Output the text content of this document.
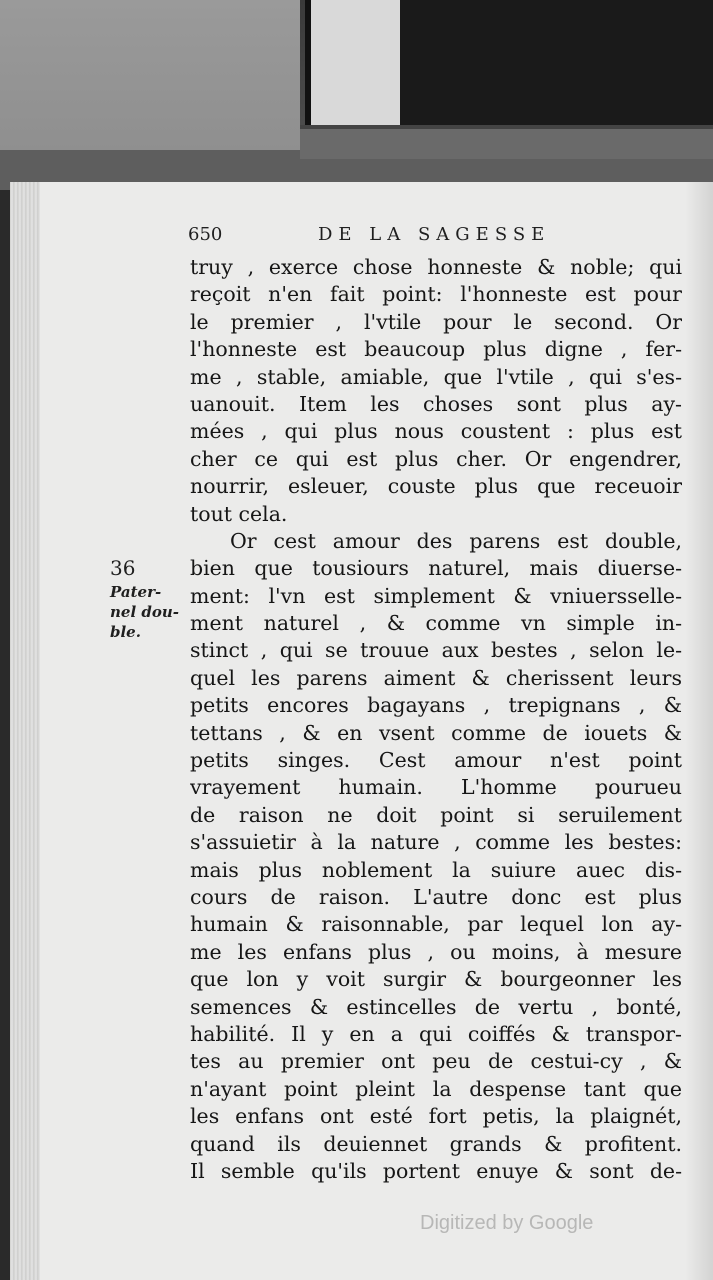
650	DE LA SAGESSE
36
Pater-
nel dou-
ble.
truy , exerce chose honneste & noble; qui
reçoit n'en fait point: l'honneste est pour
le premier , l'vtile pour le second. Or
l'honneste est beaucoup plus digne , fer-
me , stable, amiable, que l'vtile , qui s'es-
uanouit. Item les choses sont plus ay-
mées , qui plus nous coustent : plus est
cher ce qui est plus cher. Or engendrer,
nourrir, esleuer, couste plus que receuoir
tout cela.
Or cest amour des parens est double,
bien que tousiours naturel, mais diuerse-
ment: l'vn est simplement & vniuersselle-
ment naturel , & comme vn simple in-
stinct , qui se trouue aux bestes , selon le-
quel les parens aiment & cherissent leurs
petits encores bagayans , trepignans , &
tettans , & en vsent comme de iouets &
petits singes. Cest amour n'est point
vrayement humain. L'homme pourueu
de raison ne doit point si seruilement
s'assuietir à la nature , comme les bestes:
mais plus noblement la suiure auec dis-
cours de raison. L'autre donc est plus
humain & raisonnable, par lequel lon ay-
me les enfans plus , ou moins, à mesure
que lon y voit surgir & bourgeonner les
semences & estincelles de vertu , bonté,
habilité. Il y en a qui coiffés & transpor-
tes au premier ont peu de cestui-cy , &
n'ayant point pleint la despense tant que
les enfans ont esté fort petis, la plaignét,
quand ils deuiennet grands & profitent.
Il semble qu'ils portent enuye & sont de-
Digitized by Google
